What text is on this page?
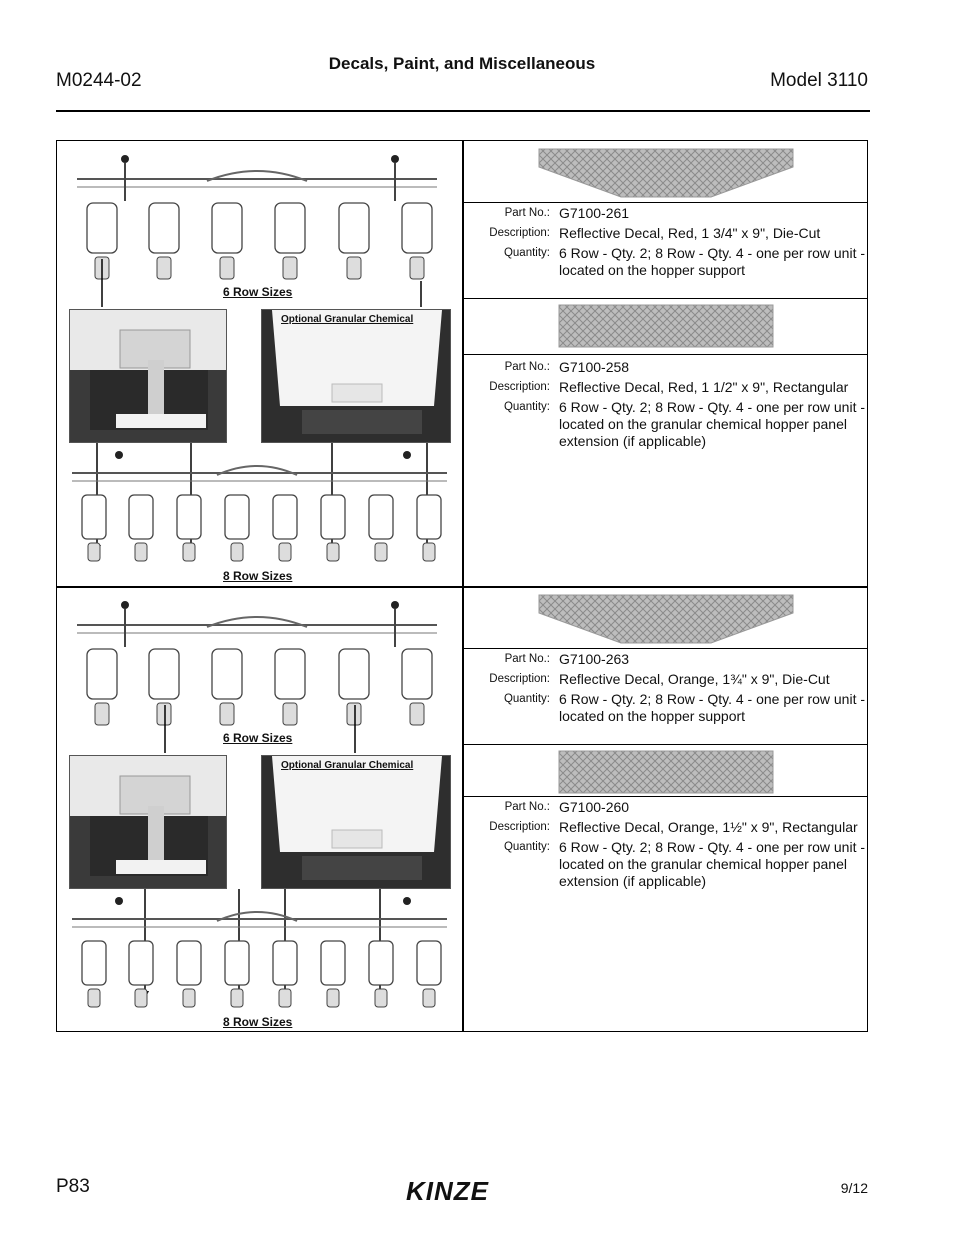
Decals, Paint, and Miscellaneous
M0244-02	Model 3110
6 Row Sizes
Optional Granular Chemical
8 Row Sizes
6 Row Sizes
Optional Granular Chemical
8 Row Sizes
Part No.: G7100-261
Description: Reflective Decal, Red, 1 3/4" x 9", Die-Cut
Quantity: 6 Row - Qty. 2; 8 Row - Qty. 4 - one per row unit - located on the hopper support
Part No.: G7100-258
Description: Reflective Decal, Red, 1 1/2" x 9", Rectangular
Quantity: 6 Row - Qty. 2; 8 Row - Qty. 4 - one per row unit - located on the granular chemical hopper panel extension (if applicable)
Part No.: G7100-263
Description: Reflective Decal, Orange, 1¾" x 9", Die-Cut
Quantity: 6 Row - Qty. 2; 8 Row - Qty. 4 - one per row unit - located on the hopper support
Part No.: G7100-260
Description: Reflective Decal, Orange, 1½" x 9", Rectangular
Quantity: 6 Row - Qty. 2; 8 Row - Qty. 4 - one per row unit - located on the granular chemical hopper panel extension (if applicable)
P83	KINZE	9/12
